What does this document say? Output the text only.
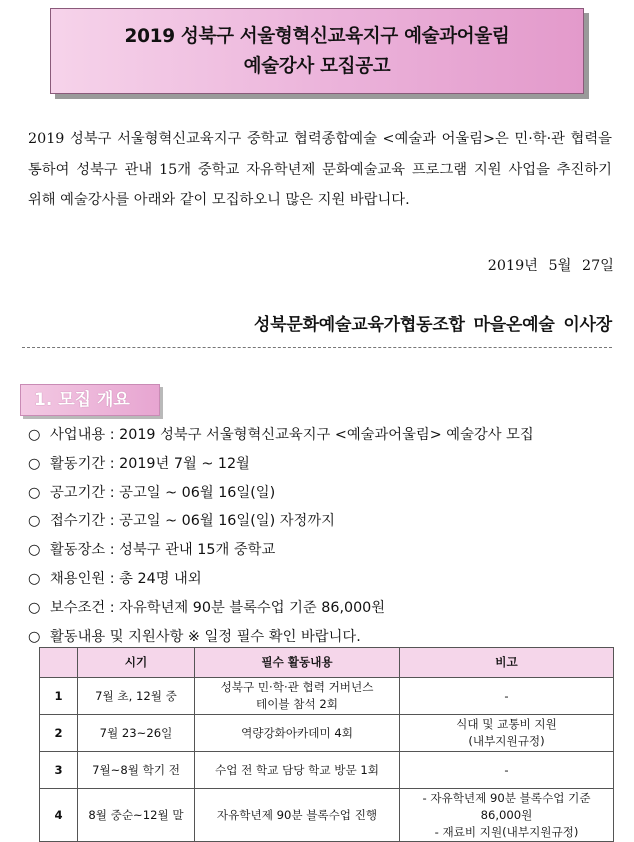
2019 성북구 서울형혁신교육지구 예술과어울림
예술강사 모집공고
2019 성북구 서울형혁신교육지구 중학교 협력종합예술 <예술과 어울림>은 민·학·관 협력을 통하여 성북구 관내 15개 중학교 자유학년제 문화예술교육 프로그램 지원 사업을 추진하기 위해 예술강사를 아래와 같이 모집하오니 많은 지원 바랍니다.
2019년 5월 27일
성북문화예술교육가협동조합 마을온예술 이사장
1. 모집 개요
○ 사업내용 : 2019 성북구 서울형혁신교육지구 <예술과어울림> 예술강사 모집
○ 활동기간 : 2019년 7월 ~ 12월
○ 공고기간 : 공고일 ~ 06월 16일(일)
○ 접수기간 : 공고일 ~ 06월 16일(일) 자정까지
○ 활동장소 : 성북구 관내 15개 중학교
○ 채용인원 : 총 24명 내외
○ 보수조건 : 자유학년제 90분 블록수업 기준 86,000원
○ 활동내용 및 지원사항 ※ 일정 필수 확인 바랍니다.
	시기	필수 활동내용	비고
1	7월 초, 12월 중	성북구 민·학·관 협력 거버넌스
테이블 참석 2회	-

2	7월 23~26일	역량강화아카데미 4회	식대 및 교통비 지원
(내부지원규정)

3	7월~8월 학기 전	수업 전 학교 담당 학교 방문 1회	-

4	8월 중순~12월 말	자유학년제 90분 블록수업 진행	- 자유학년제 90분 블록수업 기준
86,000원
- 재료비 지원(내부지원규정)
